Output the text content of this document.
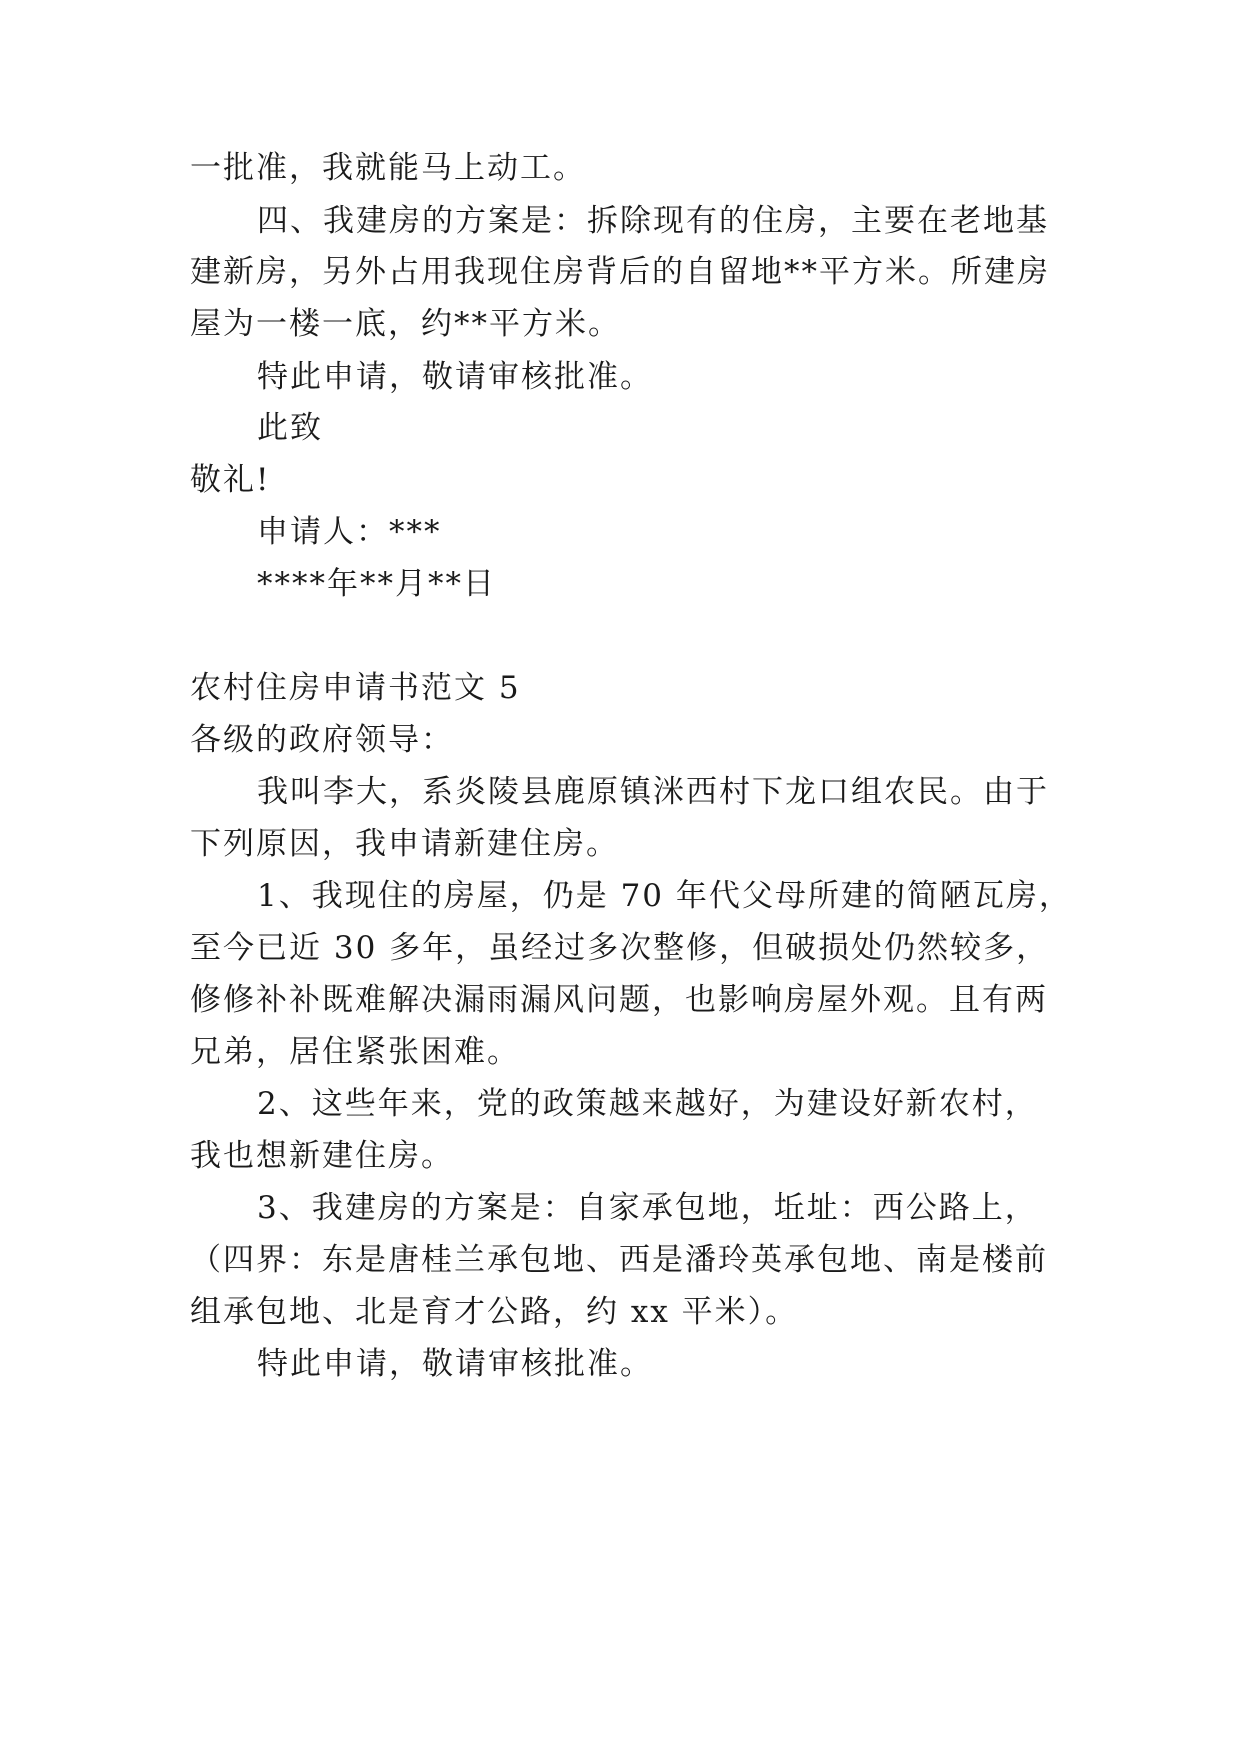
一批准，我就能马上动工。
四、我建房的方案是：拆除现有的住房，主要在老地基
建新房，另外占用我现住房背后的自留地**平方米。所建房
屋为一楼一底，约**平方米。
特此申请，敬请审核批准。
此致
敬礼!
申请人：***
****年**月**日
农村住房申请书范文 5
各级的政府领导：
我叫李大，系炎陵县鹿原镇洣西村下龙口组农民。由于
下列原因，我申请新建住房。
1、我现住的房屋，仍是 70 年代父母所建的简陋瓦房，
至今已近 30 多年，虽经过多次整修，但破损处仍然较多，
修修补补既难解决漏雨漏风问题，也影响房屋外观。且有两
兄弟，居住紧张困难。
2、这些年来，党的政策越来越好，为建设好新农村，
我也想新建住房。
3、我建房的方案是：自家承包地，坵址：西公路上，
（四界：东是唐桂兰承包地、西是潘玲英承包地、南是楼前
组承包地、北是育才公路，约 xx 平米）。
特此申请，敬请审核批准。
